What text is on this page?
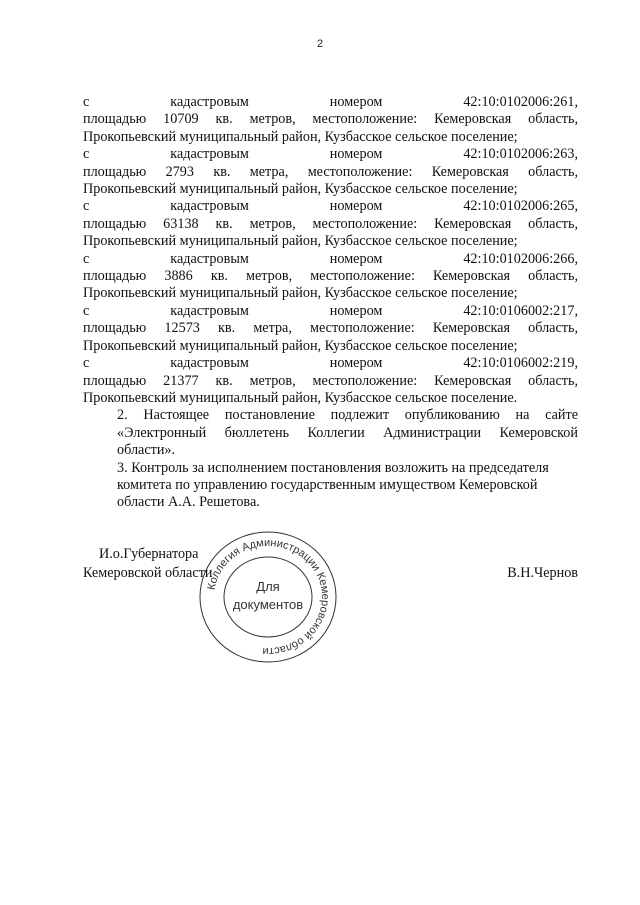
2
с	кадастровым	номером	42:10:0102006:261,
площадью 10709 кв. метров, местоположение: Кемеровская область,
Прокопьевский муниципальный район, Кузбасское сельское поселение;
с	кадастровым	номером	42:10:0102006:263,
площадью 2793 кв. метра, местоположение: Кемеровская область,
Прокопьевский муниципальный район, Кузбасское сельское поселение;
с	кадастровым	номером	42:10:0102006:265,
площадью 63138 кв. метров, местоположение: Кемеровская область,
Прокопьевский муниципальный район, Кузбасское сельское поселение;
с	кадастровым	номером	42:10:0102006:266,
площадью 3886 кв. метров, местоположение: Кемеровская область,
Прокопьевский муниципальный район, Кузбасское сельское поселение;
с	кадастровым	номером	42:10:0106002:217,
площадью 12573 кв. метра, местоположение: Кемеровская область,
Прокопьевский муниципальный район, Кузбасское сельское поселение;
с	кадастровым	номером	42:10:0106002:219,
площадью 21377 кв. метров, местоположение: Кемеровская область,
Прокопьевский муниципальный район, Кузбасское сельское поселение.
2. Настоящее постановление подлежит опубликованию на сайте «Электронный бюллетень Коллегии Администрации Кемеровской области».
3. Контроль за исполнением постановления возложить на председателя комитета по управлению государственным имуществом Кемеровской области А.А. Решетова.
Коллегия Администрации Кемеровской области
Для
документов
И.о.Губернатора
Кемеровской области	В.Н.Чернов
